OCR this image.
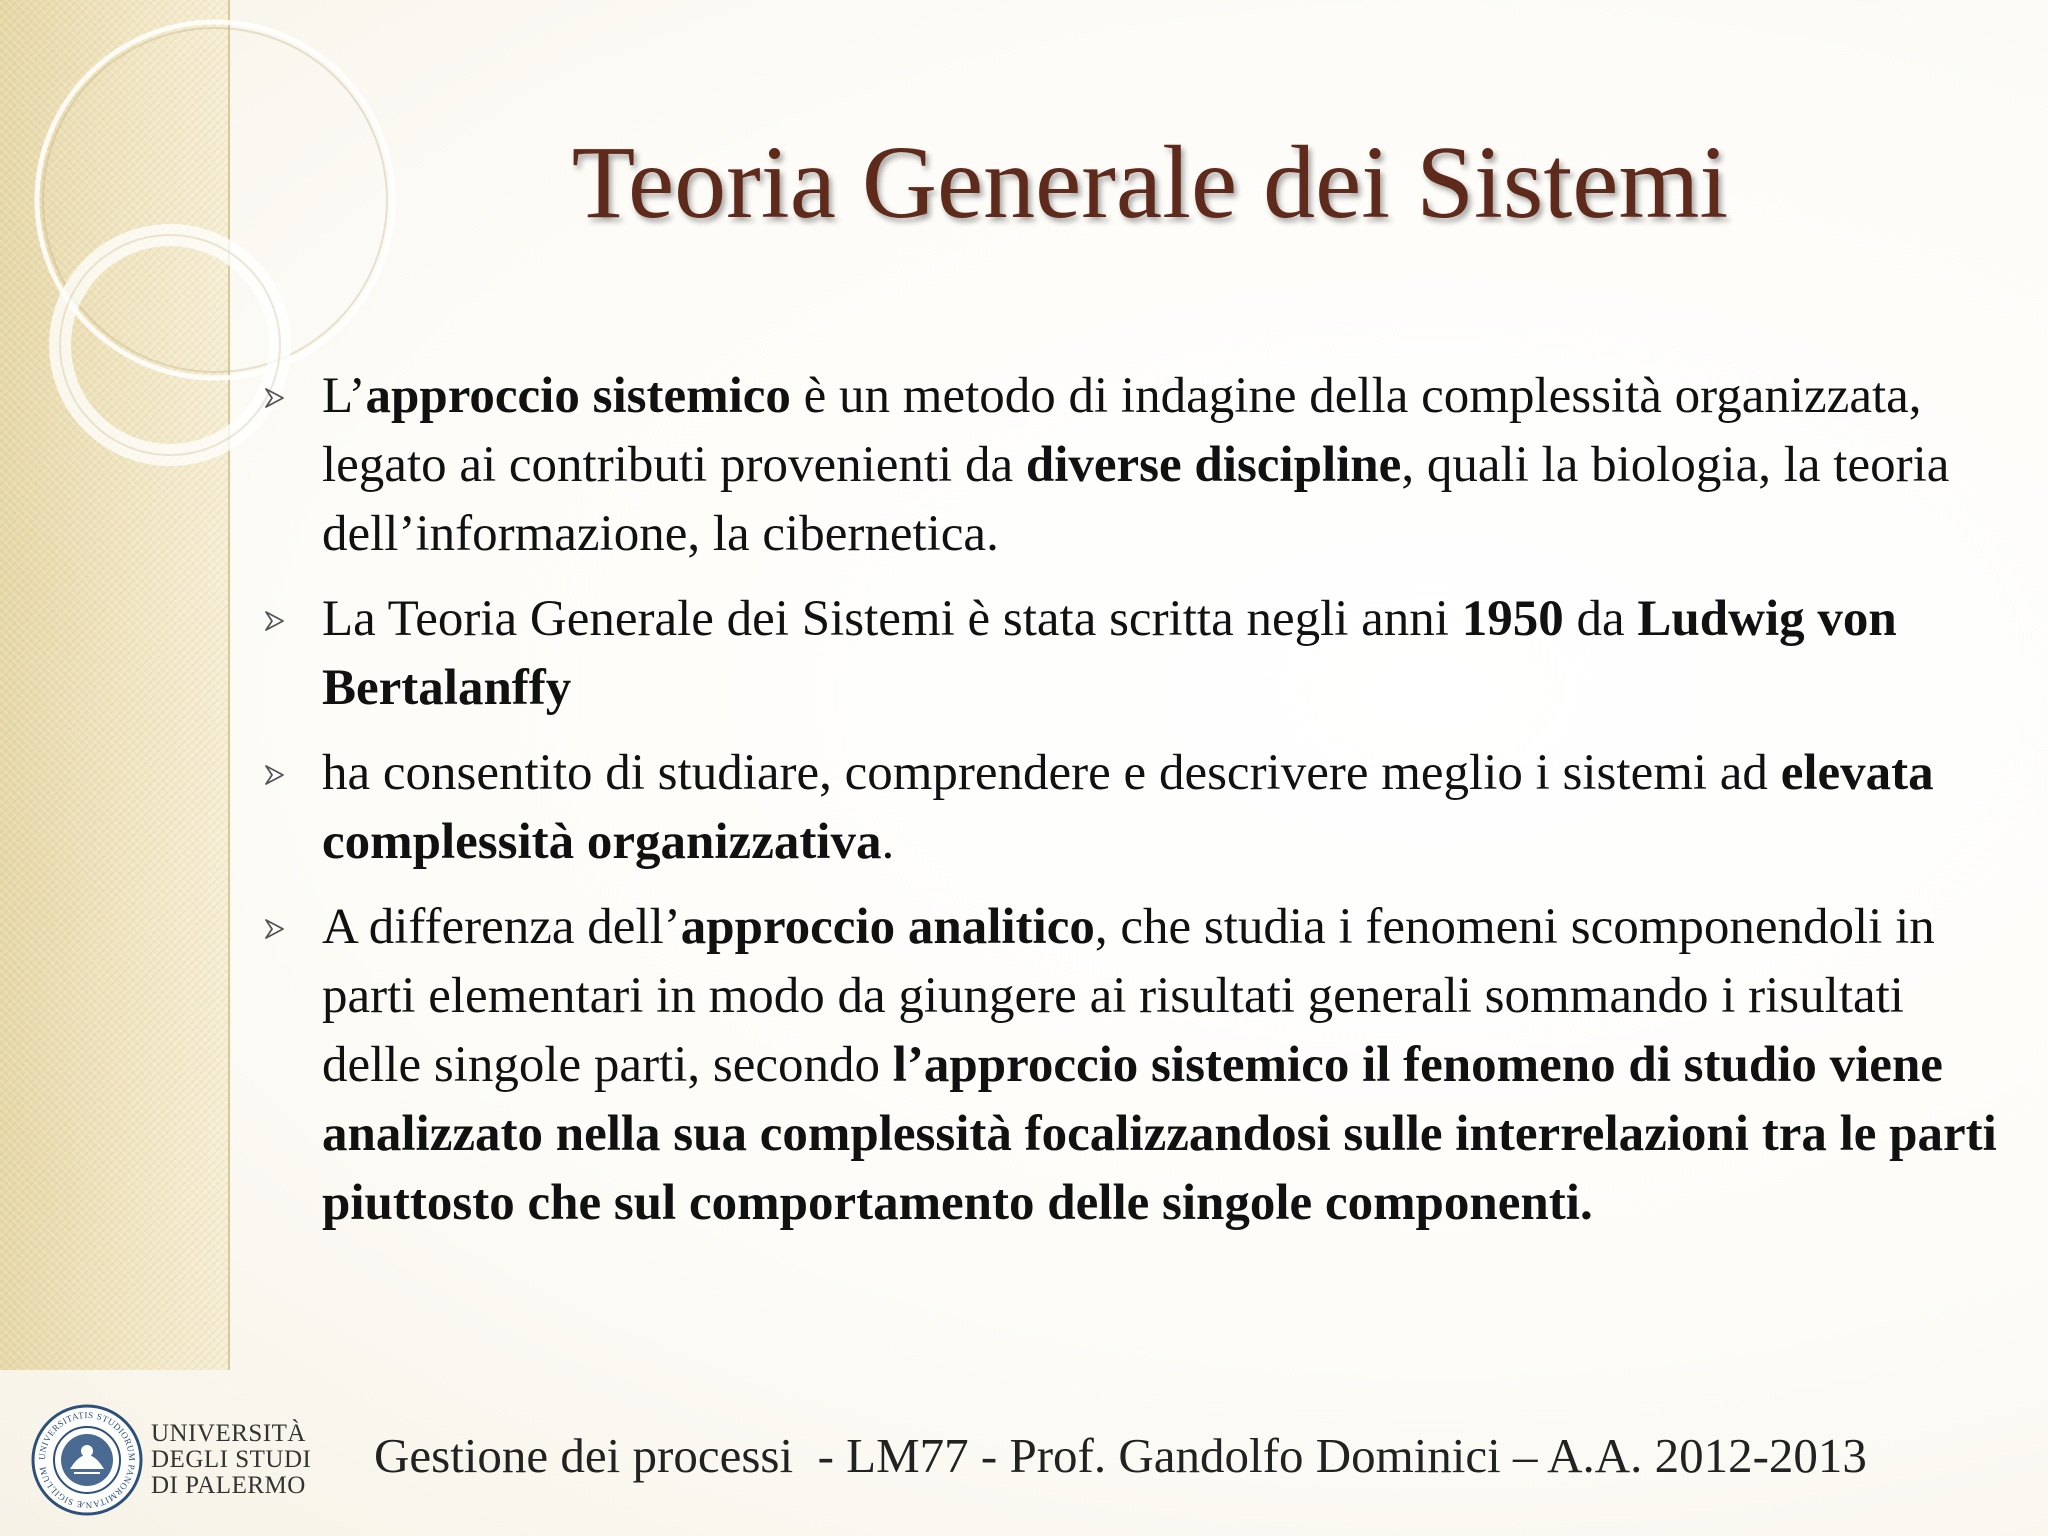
Teoria Generale dei Sistemi
L’approccio sistemico è un metodo di indagine della complessità organizzata, legato ai contributi provenienti da diverse discipline, quali la biologia, la teoria dell’informazione, la cibernetica.
La Teoria Generale dei Sistemi è stata scritta negli anni 1950 da Ludwig von Bertalanffy
ha consentito di studiare, comprendere e descrivere meglio i sistemi ad elevata complessità organizzativa.
A differenza dell’approccio analitico, che studia i fenomeni scomponendoli in parti elementari in modo da giungere ai risultati generali sommando i risultati delle singole parti, secondo l’approccio sistemico il fenomeno di studio viene analizzato nella sua complessità focalizzandosi sulle interrelazioni tra le parti piuttosto che sul comportamento delle singole componenti.
UNIVERSITATIS STUDIORUM PANORMITANÆ SIGILLUM
UNIVERSITÀ
DEGLI STUDI
DI PALERMO
Gestione dei processi  - LM77 - Prof. Gandolfo Dominici – A.A. 2012-2013
